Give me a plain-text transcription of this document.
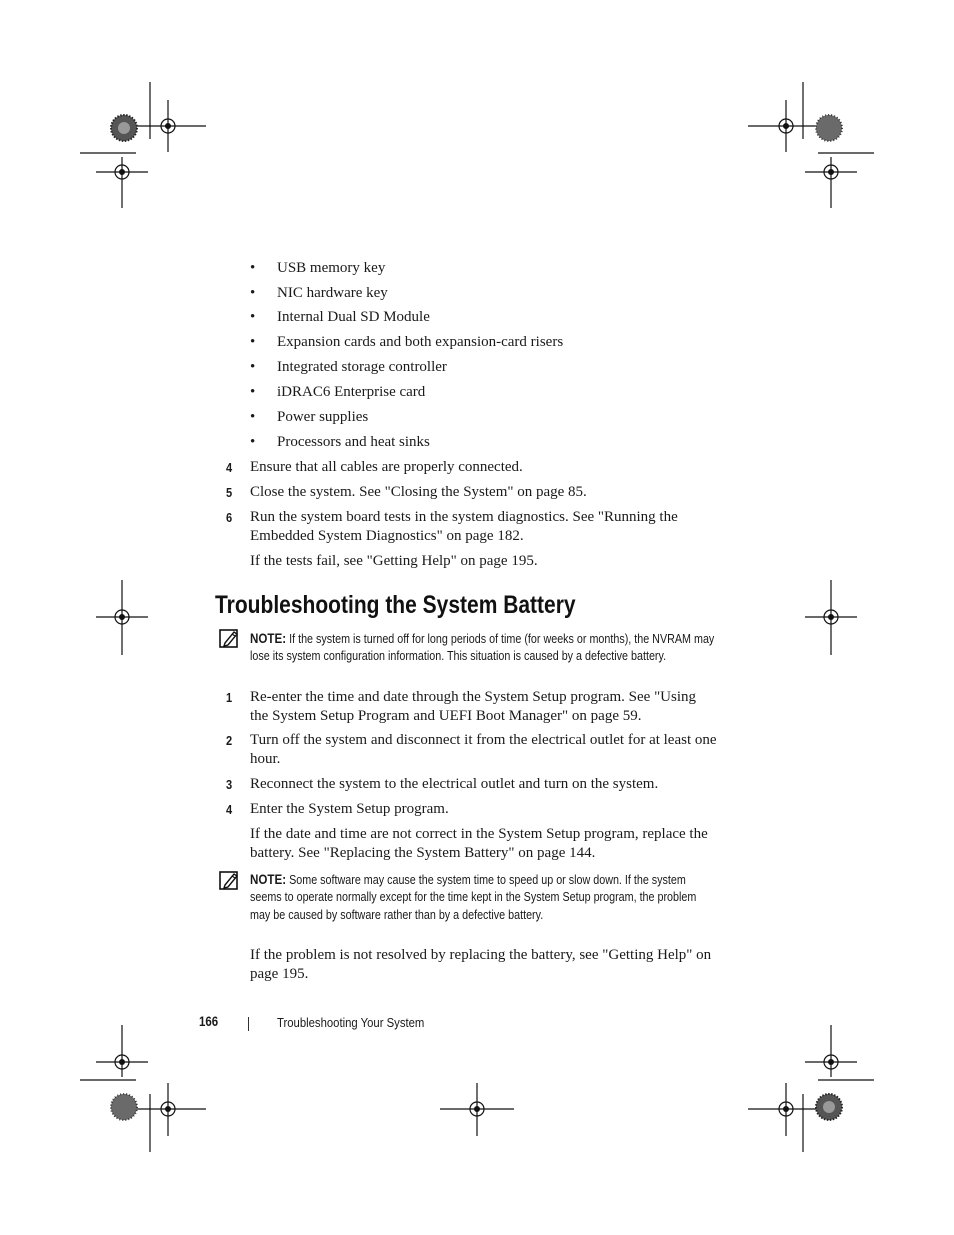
• USB memory key
• NIC hardware key
• Internal Dual SD Module
• Expansion cards and both expansion-card risers
• Integrated storage controller
• iDRAC6 Enterprise card
• Power supplies
• Processors and heat sinks
4	Ensure that all cables are properly connected.
5	Close the system. See "Closing the System" on page 85.
6	Run the system board tests in the system diagnostics. See "Running the Embedded System Diagnostics" on page 182.
If the tests fail, see "Getting Help" on page 195.
Troubleshooting the System Battery
NOTE: If the system is turned off for long periods of time (for weeks or months), the NVRAM may lose its system configuration information. This situation is caused by a defective battery.
1	Re-enter the time and date through the System Setup program. See "Using the System Setup Program and UEFI Boot Manager" on page 59.
2	Turn off the system and disconnect it from the electrical outlet for at least one hour.
3	Reconnect the system to the electrical outlet and turn on the system.
4	Enter the System Setup program.
If the date and time are not correct in the System Setup program, replace the battery. See "Replacing the System Battery" on page 144.
NOTE: Some software may cause the system time to speed up or slow down. If the system seems to operate normally except for the time kept in the System Setup program, the problem may be caused by software rather than by a defective battery.
If the problem is not resolved by replacing the battery, see "Getting Help" on page 195.
166	Troubleshooting Your System
